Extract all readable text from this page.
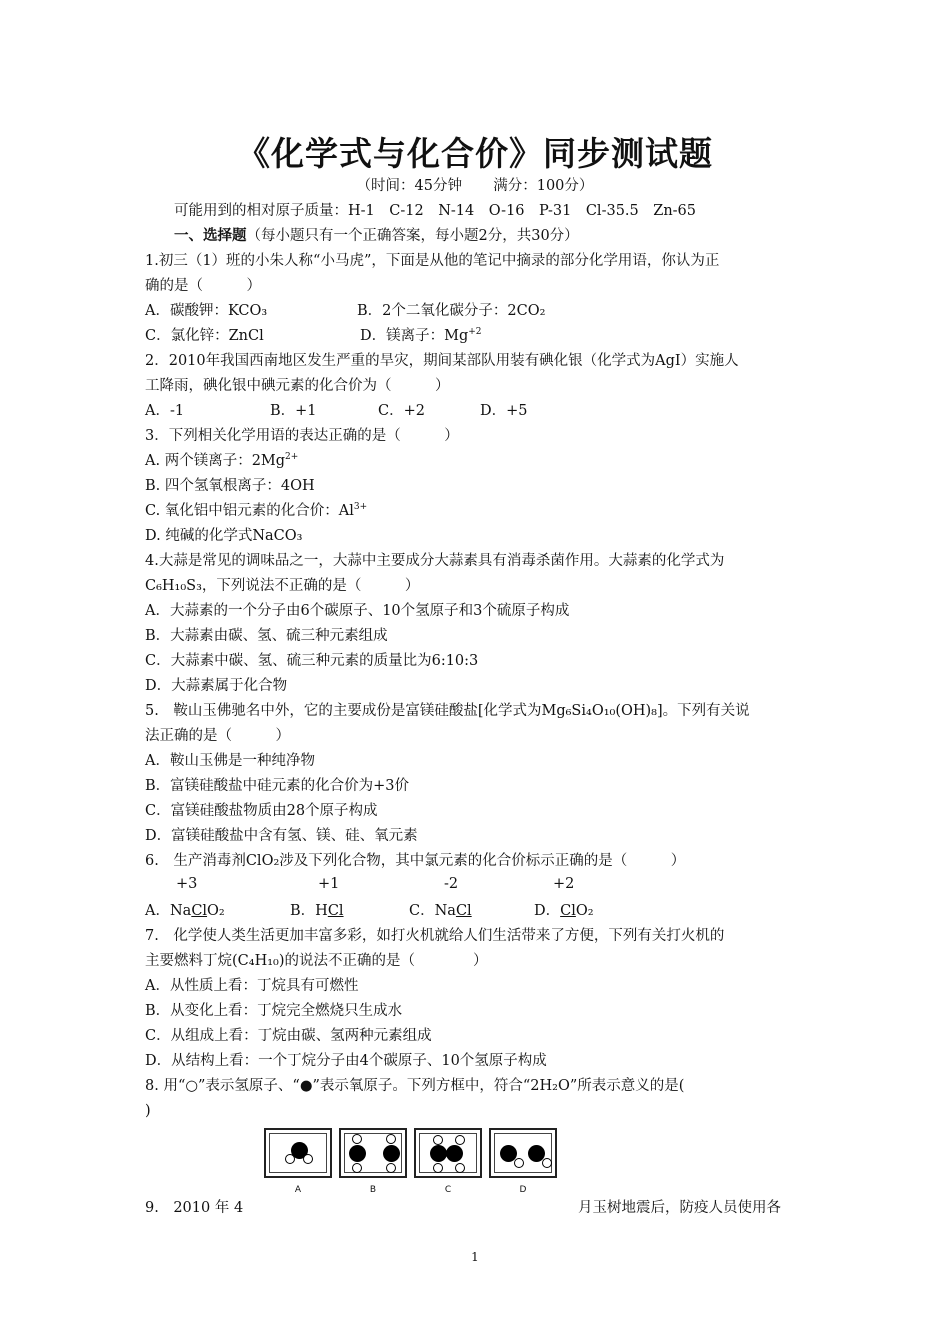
《化学式与化合价》同步测试题
（时间：45分钟 满分：100分）
可能用到的相对原子质量：H-1　C-12　N-14　O-16　P-31　Cl-35.5　Zn-65
一、选择题（每小题只有一个正确答案，每小题2分，共30分）
1.初三（1）班的小朱人称“小马虎”，下面是从他的笔记中摘录的部分化学用语，你认为正
确的是（　　　）
A．碳酸钾：KCO₃	B．2个二氧化碳分子：2CO₂
C．氯化锌：ZnCl	D．镁离子：$Mg^{+2}$
2．2010年我国西南地区发生严重的旱灾，期间某部队用装有碘化银（化学式为AgI）实施人
工降雨，碘化银中碘元素的化合价为（　　　）
A．-1	B．+1	C．+2	D．+5
3．下列相关化学用语的表达正确的是（　　　）
A. 两个镁离子：$2Mg^{2+}$
B. 四个氢氧根离子：4OH
C. 氧化铝中铝元素的化合价：$Al^{3+}$
D. 纯碱的化学式NaCO₃
4.大蒜是常见的调味品之一，大蒜中主要成分大蒜素具有消毒杀菌作用。大蒜素的化学式为
C₆H₁₀S₃，下列说法不正确的是（　　　）
A．大蒜素的一个分子由6个碳原子、10个氢原子和3个硫原子构成
B．大蒜素由碳、氢、硫三种元素组成
C．大蒜素中碳、氢、硫三种元素的质量比为6:10:3
D．大蒜素属于化合物
5.　鞍山玉佛驰名中外，它的主要成份是富镁硅酸盐[化学式为Mg₆Si₄O₁₀(OH)₈]。下列有关说
法正确的是（　　　）
A．鞍山玉佛是一种纯净物
B．富镁硅酸盐中硅元素的化合价为+3价
C．富镁硅酸盐物质由28个原子构成
D．富镁硅酸盐中含有氢、镁、硅、氧元素
6.　生产消毒剂ClO₂涉及下列化合物，其中氯元素的化合价标示正确的是（　　　）
+3	+1	-2	+2
A．NaClO₂	B．HCl	C．NaCl	D．ClO₂
7.　化学使人类生活更加丰富多彩，如打火机就给人们生活带来了方便，下列有关打火机的
主要燃料丁烷(C₄H₁₀)的说法不正确的是（　　　　）
A．从性质上看：丁烷具有可燃性
B．从变化上看：丁烷完全燃烧只生成水
C．从组成上看：丁烷由碳、氢两种元素组成
D．从结构上看：一个丁烷分子由4个碳原子、10个氢原子构成
8. 用“○”表示氢原子、“●”表示氧原子。下列方框中，符合“2H₂O”所表示意义的是(
)
A	B	C	D
9.　2010 年 4	月玉树地震后，防疫人员使用各
1
